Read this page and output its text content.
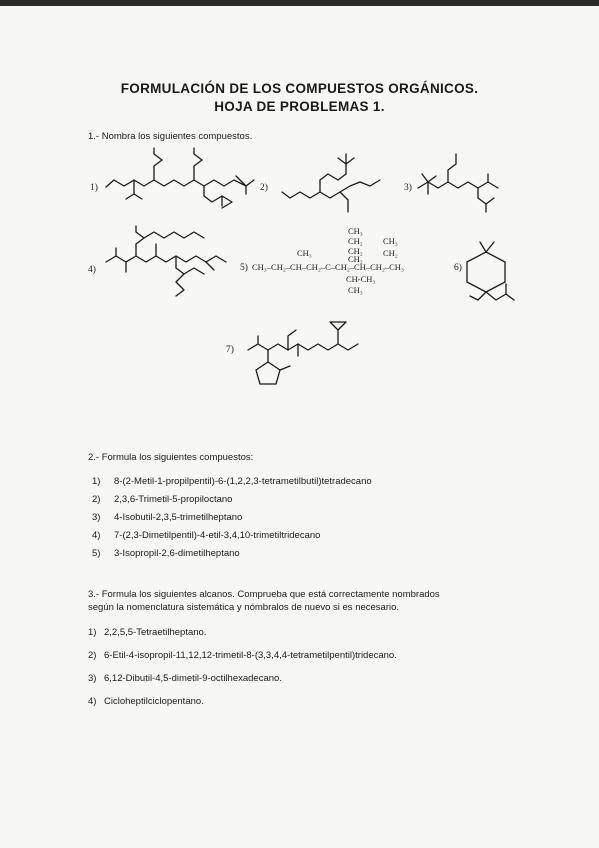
FORMULACIÓN DE LOS COMPUESTOS ORGÁNICOS.
HOJA DE PROBLEMAS 1.
1.- Nombra los siguientes compuestos.
CH₃–CH₂–CH–CH₂–C–CH₂–CH–CH₂–CH₃
CH₃
CH₃
CH₂
CH₂
CH₂
CH₃
CH₂
CH-CH₃
CH₃
1)	2)	3)
4)	5)	6)
7)
2.- Formula los siguientes compuestos:
1) 8-(2-Metil-1-propilpentil)-6-(1,2,2,3-tetrametilbutil)tetradecano
2) 2,3,6-Trimetil-5-propiloctano
3) 4-Isobutil-2,3,5-trimetilheptano
4) 7-(2,3-Dimetilpentil)-4-etil-3,4,10-trimetiltridecano
5) 3-Isopropil-2,6-dimetilheptano
3.- Formula los siguientes alcanos. Comprueba que está correctamente nombrados
según la nomenclatura sistemática y nómbralos de nuevo si es necesario.
1) 2,2,5,5-Tetraetilheptano.
2) 6-Etil-4-isopropil-11,12,12-trimetil-8-(3,3,4,4-tetrametilpentil)tridecano.
3) 6,12-Dibutil-4,5-dimetil-9-octilhexadecano.
4) Cicloheptilciclopentano.
